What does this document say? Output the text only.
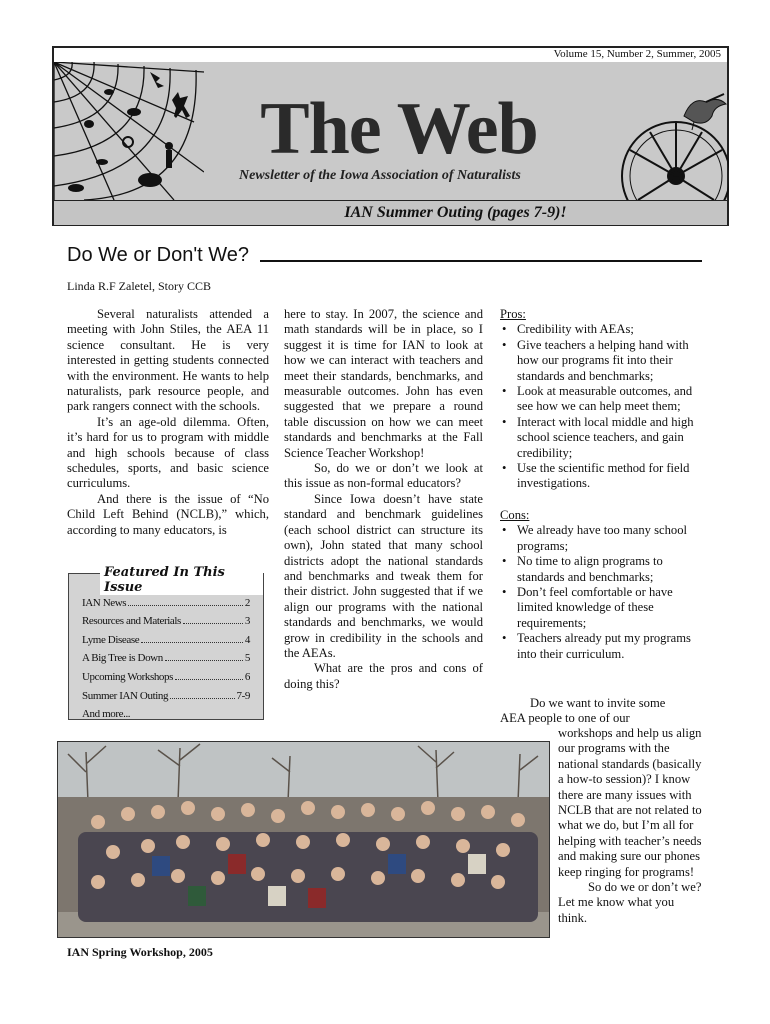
Volume 15, Number 2, Summer, 2005
The Web
Newsletter of the Iowa Association of Naturalists
IAN Summer Outing (pages 7-9)!
Do We or Don't We?
Linda R.F Zaletel, Story CCB

Several naturalists attended a meeting with John Stiles, the AEA 11 science consultant. He is very interested in getting students connected with the environment. He wants to help naturalists, park resource people, and park rangers connect with the schools.

It’s an age-old dilemma. Often, it’s hard for us to program with middle and high schools because of class schedules, sports, and basic science curriculums.

And there is the issue of “No Child Left Behind (NCLB),” which, according to many educators, is

Featured In This Issue
IAN News	2
Resources and Materials	3
Lyme Disease	4
A Big Tree is Down	5
Upcoming Workshops	6
Summer IAN Outing	7-9
And more...

here to stay. In 2007, the science and math standards will be in place, so I suggest it is time for IAN to look at how we can interact with teachers and meet their standards, benchmarks, and measurable outcomes. John has even suggested that we prepare a round table discussion on how we can meet standards and benchmarks at the Fall Science Teacher Workshop!

So, do we or don’t we look at this issue as non-formal educators?

Since Iowa doesn’t have state standard and benchmark guidelines (each school district can structure its own), John stated that many school districts adopt the national standards and benchmarks and tweak them for their district. John suggested that if we align our programs with the national standards and benchmarks, we would grow in credibility in the schools and the AEAs.

What are the pros and cons of doing this?

Pros:
• Credibility with AEAs;
• Give teachers a helping hand with how our programs fit into their standards and benchmarks;
• Look at measurable outcomes, and see how we can help meet them;
• Interact with local middle and high school science teachers, and gain credibility;
• Use the scientific method for field investigations.
Cons:
• We already have too many school programs;
• No time to align programs to standards and benchmarks;
• Don’t feel comfortable or have limited knowledge of these requirements;
• Teachers already put my programs into their curriculum.
Do we want to invite some
AEA people to one of our
workshops and help us align our programs with the national standards (basically a how-to session)? I know there are many issues with NCLB that are not related to what we do, but I’m all for helping with teacher’s needs and making sure our phones keep ringing for programs!
So do we or don’t we? Let me know what you think.
IAN Spring Workshop, 2005
